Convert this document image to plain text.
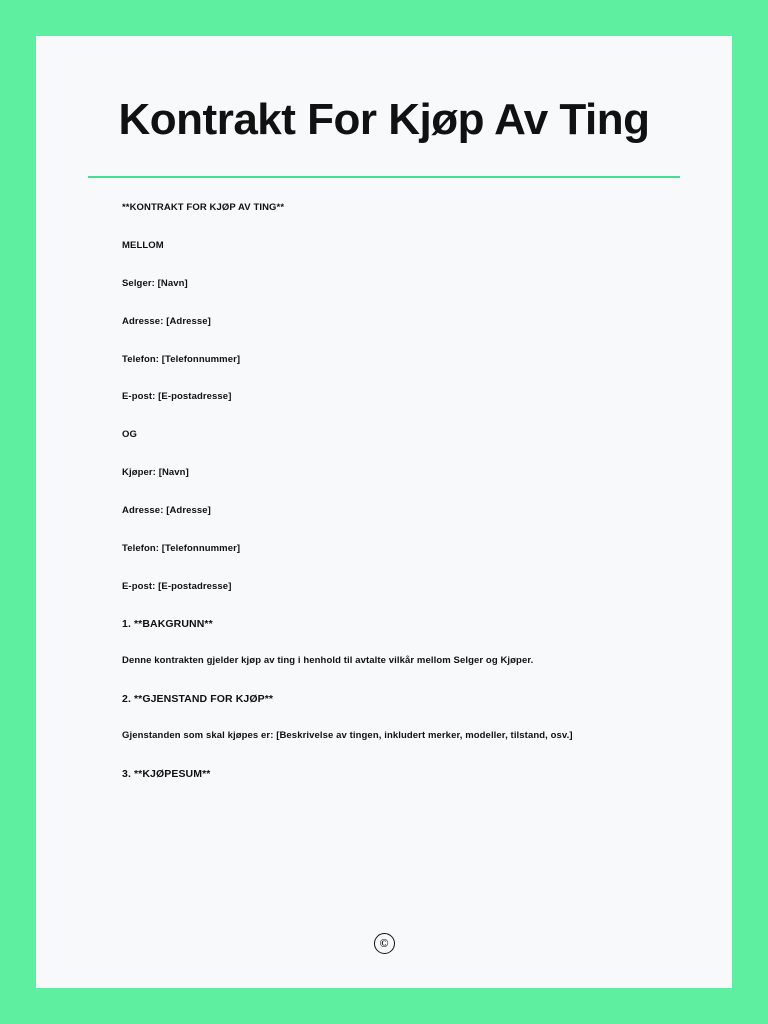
Kontrakt For Kjøp Av Ting

**KONTRAKT FOR KJØP AV TING**

MELLOM

Selger: [Navn]

Adresse: [Adresse]

Telefon: [Telefonnummer]

E-post: [E-postadresse]

OG

Kjøper: [Navn]

Adresse: [Adresse]

Telefon: [Telefonnummer]

E-post: [E-postadresse]

1. **BAKGRUNN**

Denne kontrakten gjelder kjøp av ting i henhold til avtalte vilkår mellom Selger og Kjøper.

2. **GJENSTAND FOR KJØP**

Gjenstanden som skal kjøpes er: [Beskrivelse av tingen, inkludert merker, modeller, tilstand, osv.]

3. **KJØPESUM**

©
